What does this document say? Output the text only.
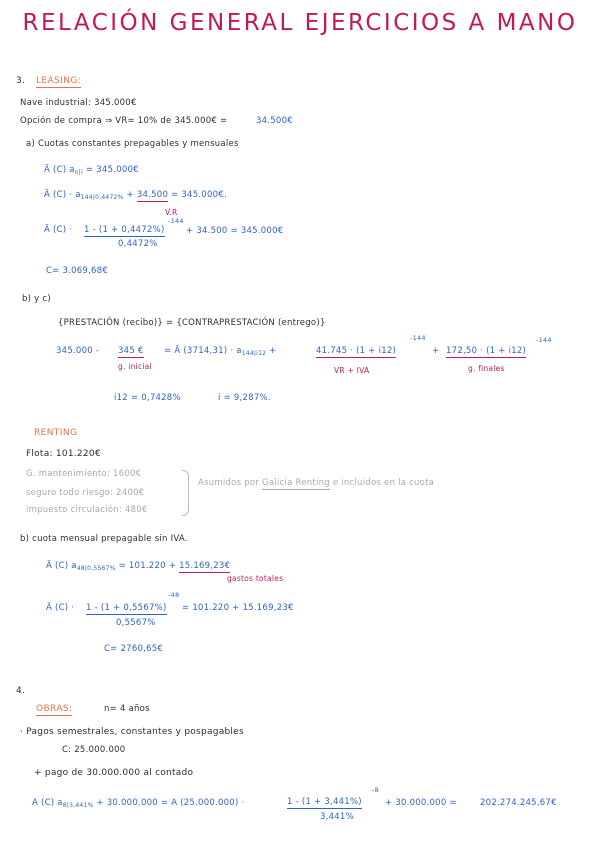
RELACIÓN GENERAL EJERCICIOS A MANO
3. LEASING:
Nave industrial: 345.000€
Opción de compra ⇒ VR= 10% de 345.000€ =	34.500€
a) Cuotas constantes prepagables y mensuales
Ä (C) $a_{n|i}$ = 345.000€
Ä $(C) \cdot a_{144|0,4472\%} + 34.500$ = 345.000€.
V.R
Ä (C) · 1 - (1 + 0,4472%)
-144
0,4472%
+ 34.500 = 345.000€
C= 3.069,68€
b) y c)
{PRESTACIÓN (recibo)} = {CONTRAPRESTACIÓN (entrego)}
345.000 - 345 € = Ä $(3714,31) \cdot a_{144|i12}$ +	41.745 · (1 + i12)
-144
+ 172,50 · (1 + i12)
-144
g. inicial	VR + IVA	g. finales
i12 = 0,7428%	i = 9,287%.
RENTING
Flota: 101.220€
G. mantenimiento: 1600€
seguro todo riesgo: 2400€
impuesto circulación: 480€
Asumidos por Galicia Renting e incluidos en la cuota
b) cuota mensual prepagable sin IVA.
Ä (C) $a_{48|0,5567\%} = 101.220$ + 15.169,23€
gastos totales
Ä (C) · 1 - (1 + 0,5567%)
-48
0,5567%
= 101.220 + 15.169,23€
C= 2760,65€
4.
OBRAS:	n= 4 años
· Pagos semestrales, constantes y pospagables
C: 25.000.000
+ pago de 30.000.000 al contado
A (C) $a_{8|3,441\%} + 30.000.000 = A$ (25.000.000) ·	1 - (1 + 3,441%)
-8
3,441%
+ 30.000.000 =	202.274.245,67€
